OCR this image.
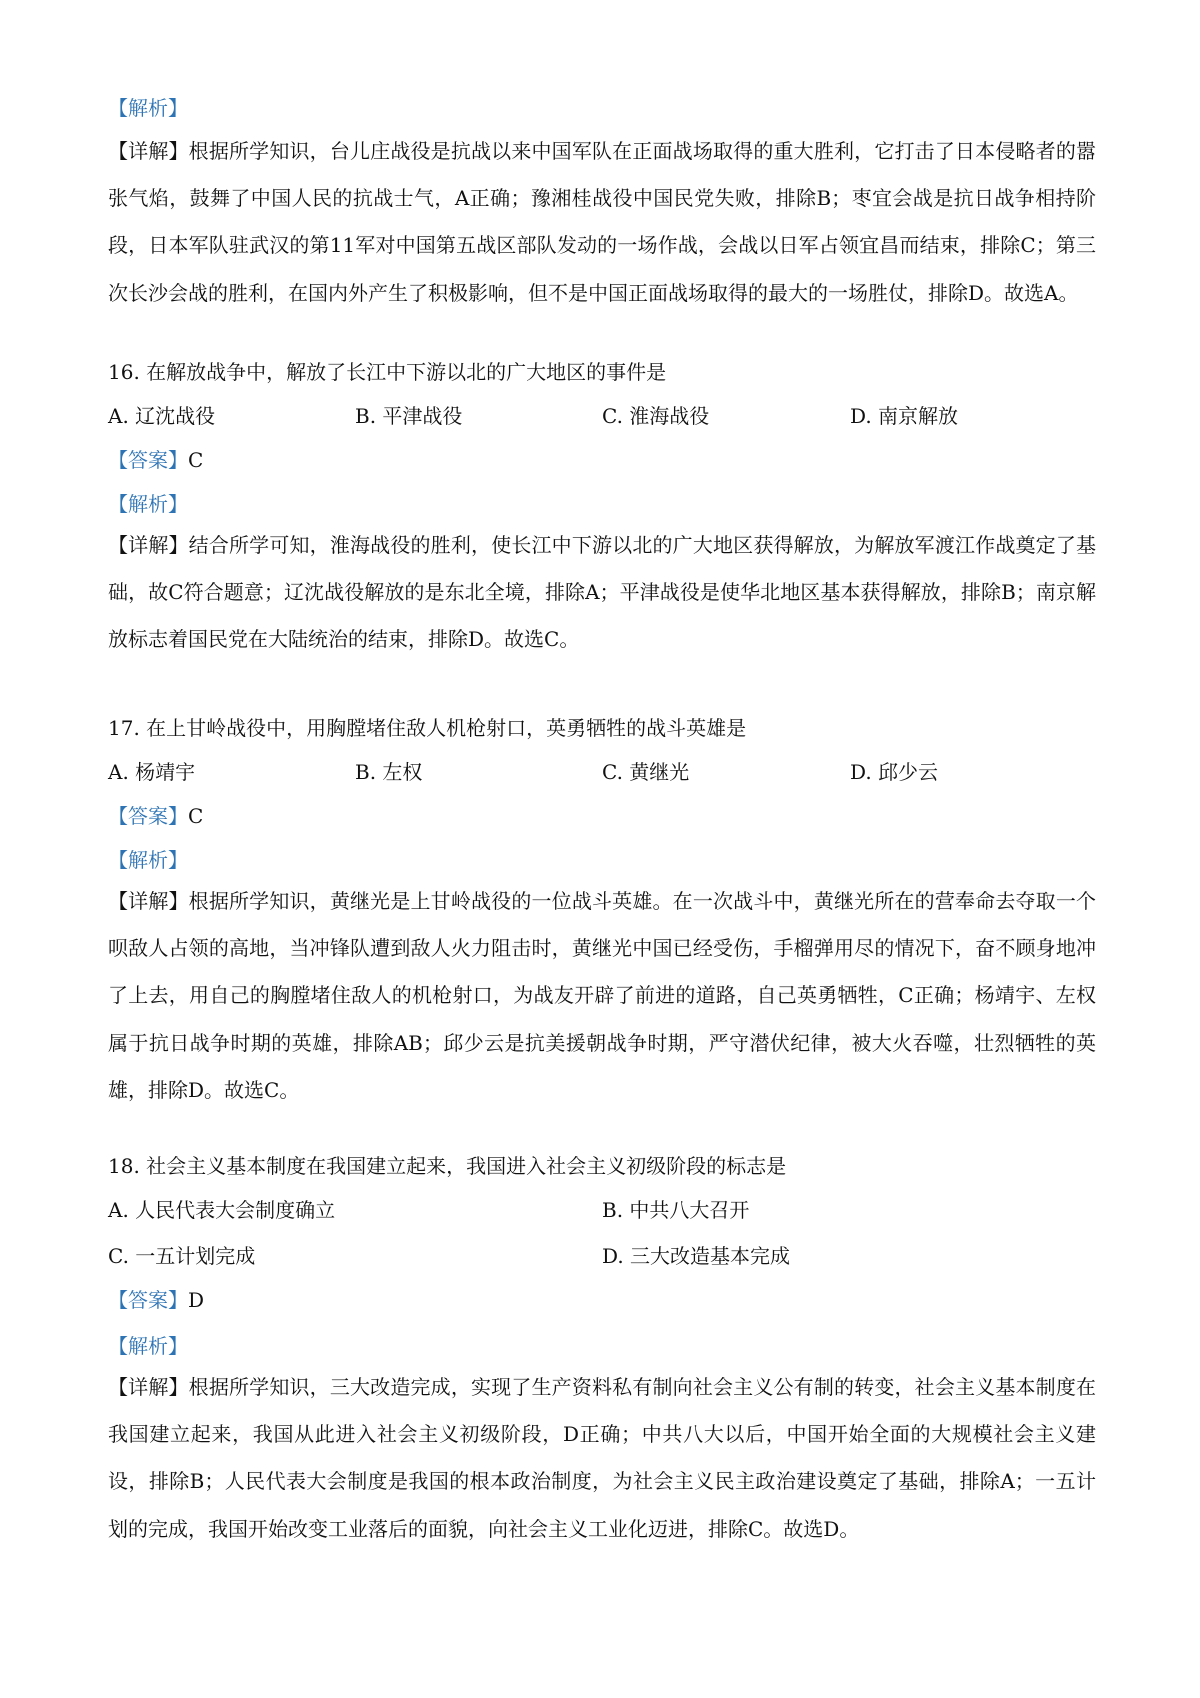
【解析】

【详解】根据所学知识，台儿庄战役是抗战以来中国军队在正面战场取得的重大胜利，它打击了日本侵略者的嚣张气焰，鼓舞了中国人民的抗战士气，A正确；豫湘桂战役中国民党失败，排除B；枣宜会战是抗日战争相持阶段，日本军队驻武汉的第11军对中国第五战区部队发动的一场作战，会战以日军占领宜昌而结束，排除C；第三次长沙会战的胜利，在国内外产生了积极影响，但不是中国正面战场取得的最大的一场胜仗，排除D。故选A。

16. 在解放战争中，解放了长江中下游以北的广大地区的事件是
A. 辽沈战役	B. 平津战役	C. 淮海战役	D. 南京解放
【答案】C
【解析】

【详解】结合所学可知，淮海战役的胜利，使长江中下游以北的广大地区获得解放，为解放军渡江作战奠定了基础，故C符合题意；辽沈战役解放的是东北全境，排除A；平津战役是使华北地区基本获得解放，排除B；南京解放标志着国民党在大陆统治的结束，排除D。故选C。

17. 在上甘岭战役中，用胸膛堵住敌人机枪射口，英勇牺牲的战斗英雄是
A. 杨靖宇	B. 左权	C. 黄继光	D. 邱少云
【答案】C
【解析】

【详解】根据所学知识，黄继光是上甘岭战役的一位战斗英雄。在一次战斗中，黄继光所在的营奉命去夺取一个呗敌人占领的高地，当冲锋队遭到敌人火力阻击时，黄继光中国已经受伤，手榴弹用尽的情况下，奋不顾身地冲了上去，用自己的胸膛堵住敌人的机枪射口，为战友开辟了前进的道路，自己英勇牺牲，C正确；杨靖宇、左权属于抗日战争时期的英雄，排除AB；邱少云是抗美援朝战争时期，严守潜伏纪律，被大火吞噬，壮烈牺牲的英雄，排除D。故选C。

18. 社会主义基本制度在我国建立起来，我国进入社会主义初级阶段的标志是
A. 人民代表大会制度确立	B. 中共八大召开
C. 一五计划完成	D. 三大改造基本完成
【答案】D
【解析】

【详解】根据所学知识，三大改造完成，实现了生产资料私有制向社会主义公有制的转变，社会主义基本制度在我国建立起来，我国从此进入社会主义初级阶段，D正确；中共八大以后，中国开始全面的大规模社会主义建设，排除B；人民代表大会制度是我国的根本政治制度，为社会主义民主政治建设奠定了基础，排除A；一五计划的完成，我国开始改变工业落后的面貌，向社会主义工业化迈进，排除C。故选D。
